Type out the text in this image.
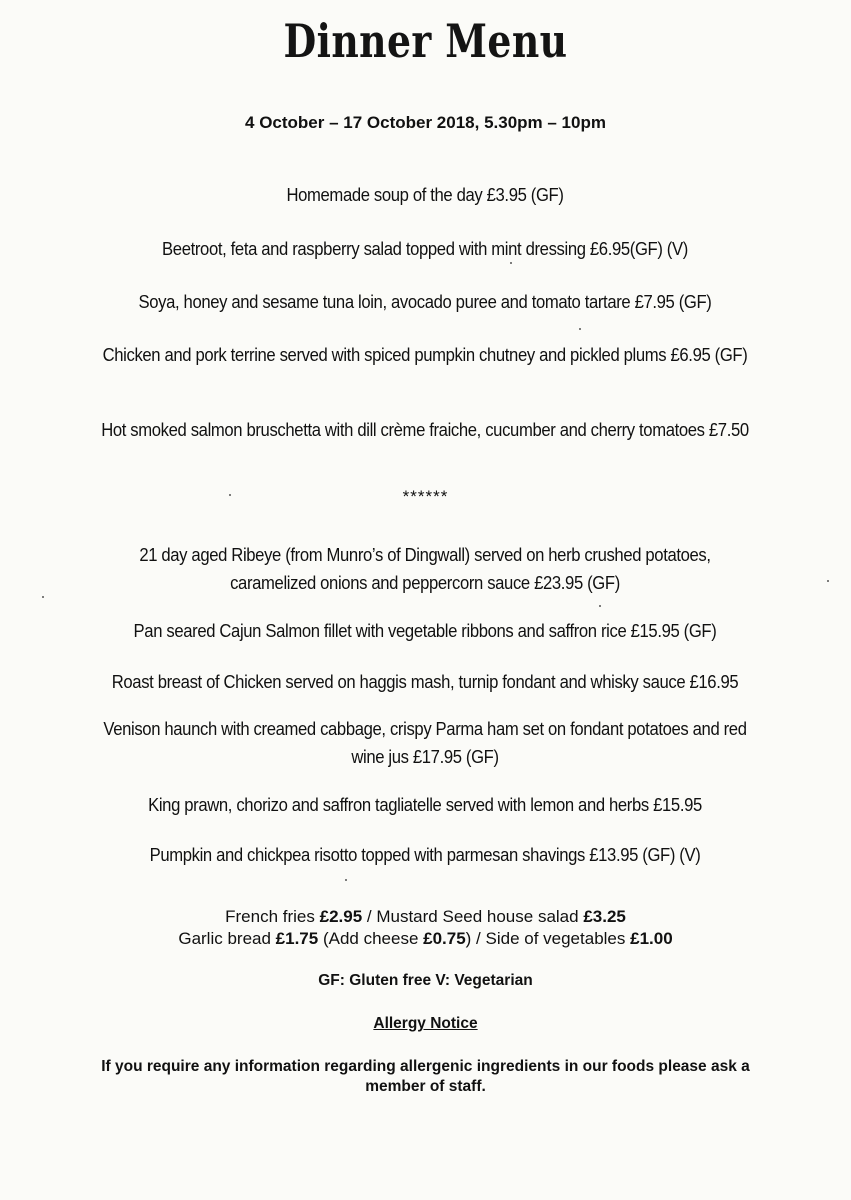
Dinner Menu
4 October – 17 October 2018, 5.30pm – 10pm
Homemade soup of the day £3.95 (GF)
Beetroot, feta and raspberry salad topped with mint dressing £6.95(GF) (V)
Soya, honey and sesame tuna loin, avocado puree and tomato tartare £7.95 (GF)
Chicken and pork terrine served with spiced pumpkin chutney and pickled plums £6.95 (GF)
Hot smoked salmon bruschetta with dill crème fraiche, cucumber and cherry tomatoes £7.50
******
21 day aged Ribeye (from Munro’s of Dingwall) served on herb crushed potatoes, caramelized onions and peppercorn sauce £23.95 (GF)
Pan seared Cajun Salmon fillet with vegetable ribbons and saffron rice £15.95 (GF)
Roast breast of Chicken served on haggis mash, turnip fondant and whisky sauce £16.95
Venison haunch with creamed cabbage, crispy Parma ham set on fondant potatoes and red wine jus £17.95 (GF)
King prawn, chorizo and saffron tagliatelle served with lemon and herbs £15.95
Pumpkin and chickpea risotto topped with parmesan shavings £13.95 (GF) (V)
French fries £2.95 / Mustard Seed house salad £3.25
Garlic bread £1.75 (Add cheese £0.75) / Side of vegetables £1.00
GF: Gluten free V: Vegetarian
Allergy Notice
If you require any information regarding allergenic ingredients in our foods please ask a member of staff.
